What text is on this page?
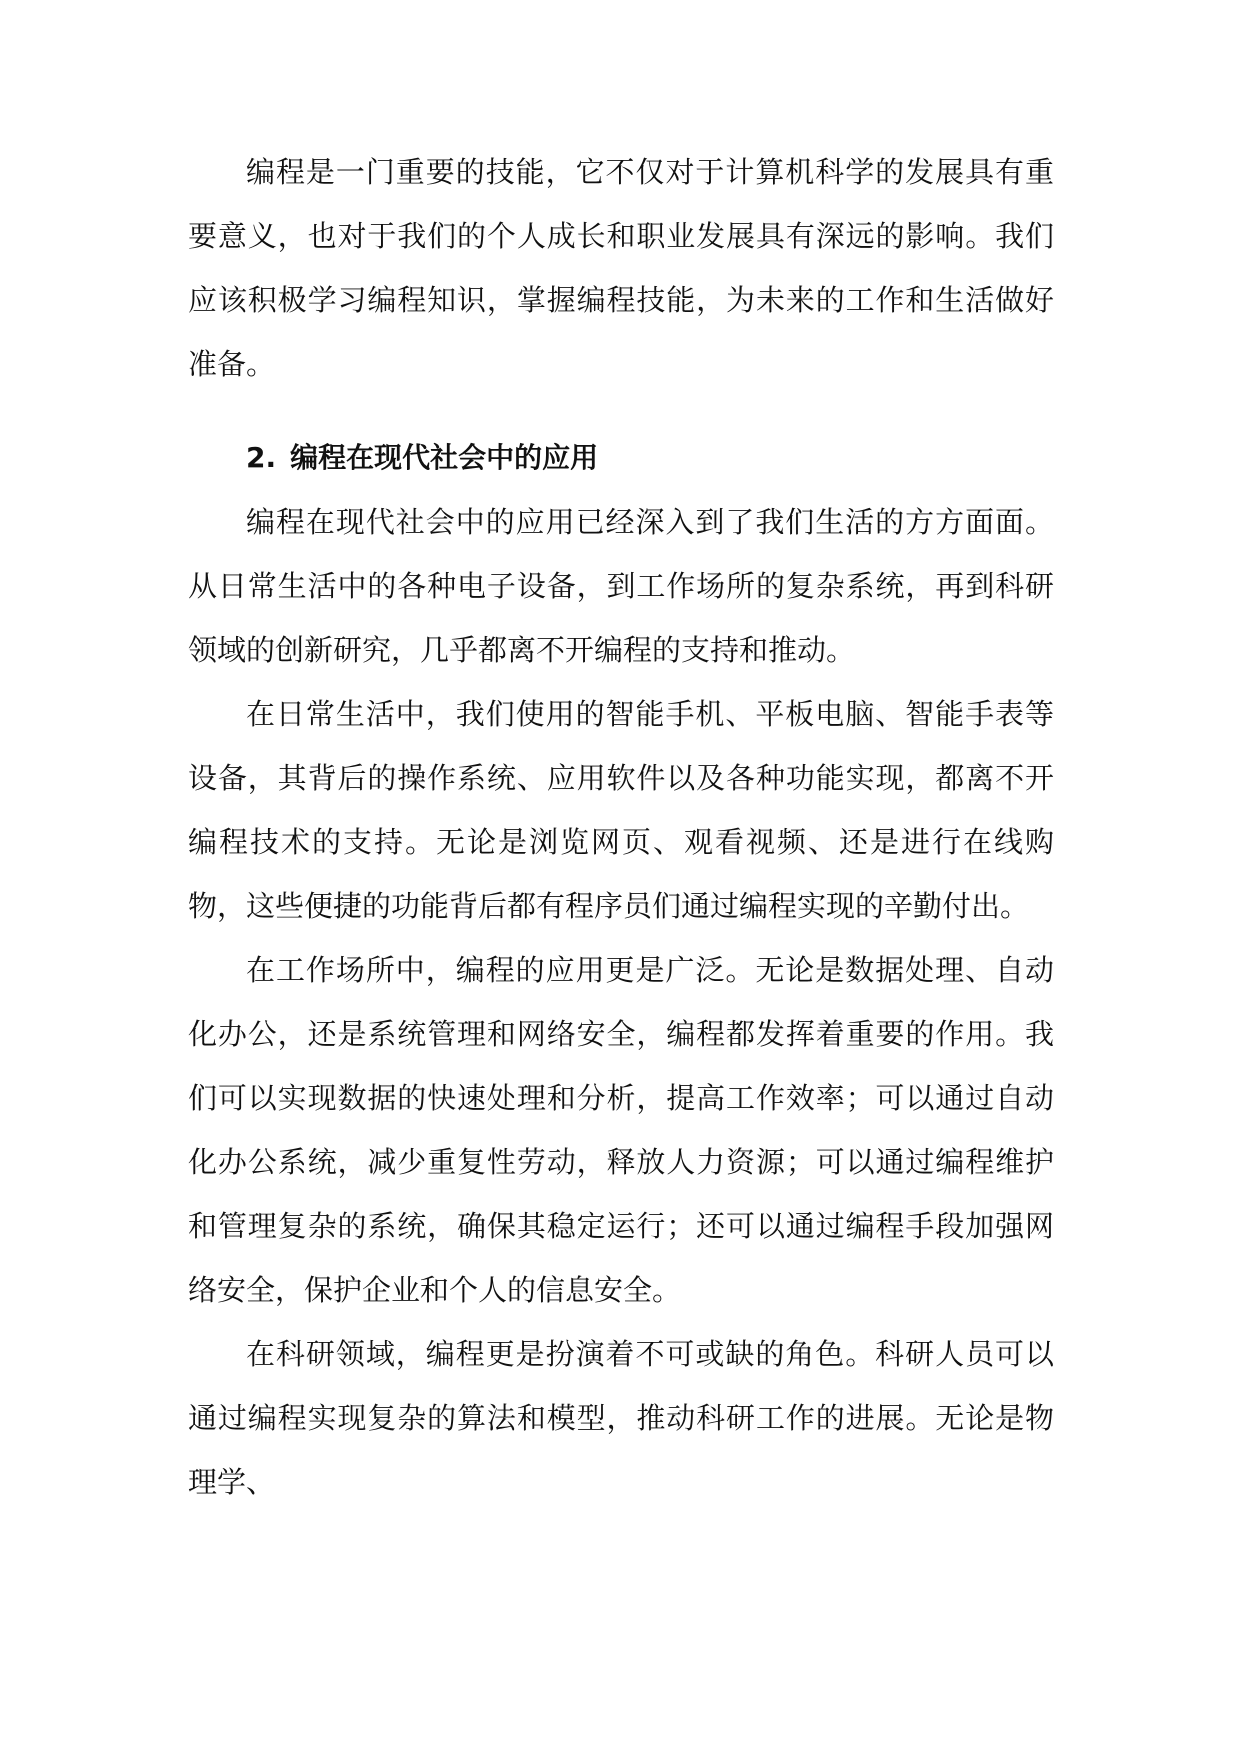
编程是一门重要的技能，它不仅对于计算机科学的发展具有重要意义，也对于我们的个人成长和职业发展具有深远的影响。我们应该积极学习编程知识，掌握编程技能，为未来的工作和生活做好准备。

2. 编程在现代社会中的应用

编程在现代社会中的应用已经深入到了我们生活的方方面面。从日常生活中的各种电子设备，到工作场所的复杂系统，再到科研领域的创新研究，几乎都离不开编程的支持和推动。

在日常生活中，我们使用的智能手机、平板电脑、智能手表等设备，其背后的操作系统、应用软件以及各种功能实现，都离不开编程技术的支持。无论是浏览网页、观看视频、还是进行在线购物，这些便捷的功能背后都有程序员们通过编程实现的辛勤付出。

在工作场所中，编程的应用更是广泛。无论是数据处理、自动化办公，还是系统管理和网络安全，编程都发挥着重要的作用。我们可以实现数据的快速处理和分析，提高工作效率；可以通过自动化办公系统，减少重复性劳动，释放人力资源；可以通过编程维护和管理复杂的系统，确保其稳定运行；还可以通过编程手段加强网络安全，保护企业和个人的信息安全。

在科研领域，编程更是扮演着不可或缺的角色。科研人员可以通过编程实现复杂的算法和模型，推动科研工作的进展。无论是物理学、
